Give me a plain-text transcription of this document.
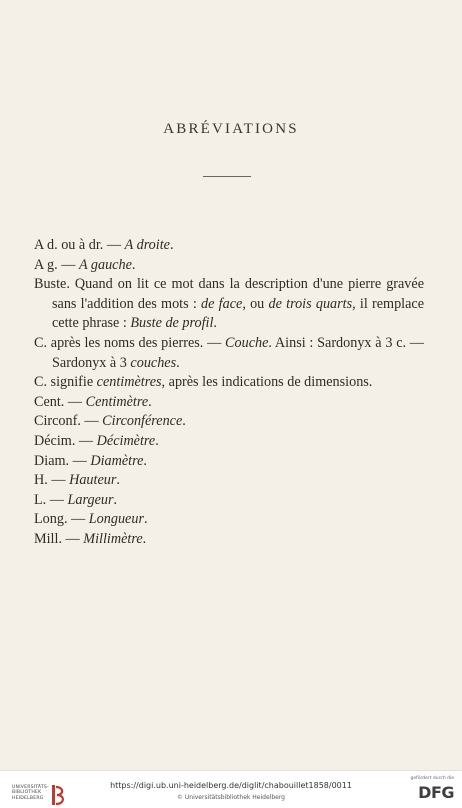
ABRÉVIATIONS

A d. ou à dr. — A droite.

A g. — A gauche.

Buste. Quand on lit ce mot dans la description d'une pierre gravée sans l'addition des mots : de face, ou de trois quarts, il remplace cette phrase : Buste de profil.

C. après les noms des pierres. — Couche. Ainsi : Sardonyx à 3 c. — Sardonyx à 3 couches.

C. signifie centimètres, après les indications de dimensions.

Cent. — Centimètre.

Circonf. — Circonférence.

Décim. — Décimètre.

Diam. — Diamètre.

H. — Hauteur.

L. — Largeur.

Long. — Longueur.

Mill. — Millimètre.

UNIVERSITÄTS-
BIBLIOTHEK
HEIDELBERG
https://digi.ub.uni-heidelberg.de/diglit/chabouillet1858/0011
© Universitätsbibliothek Heidelberg
gefördert durch die
DFG
